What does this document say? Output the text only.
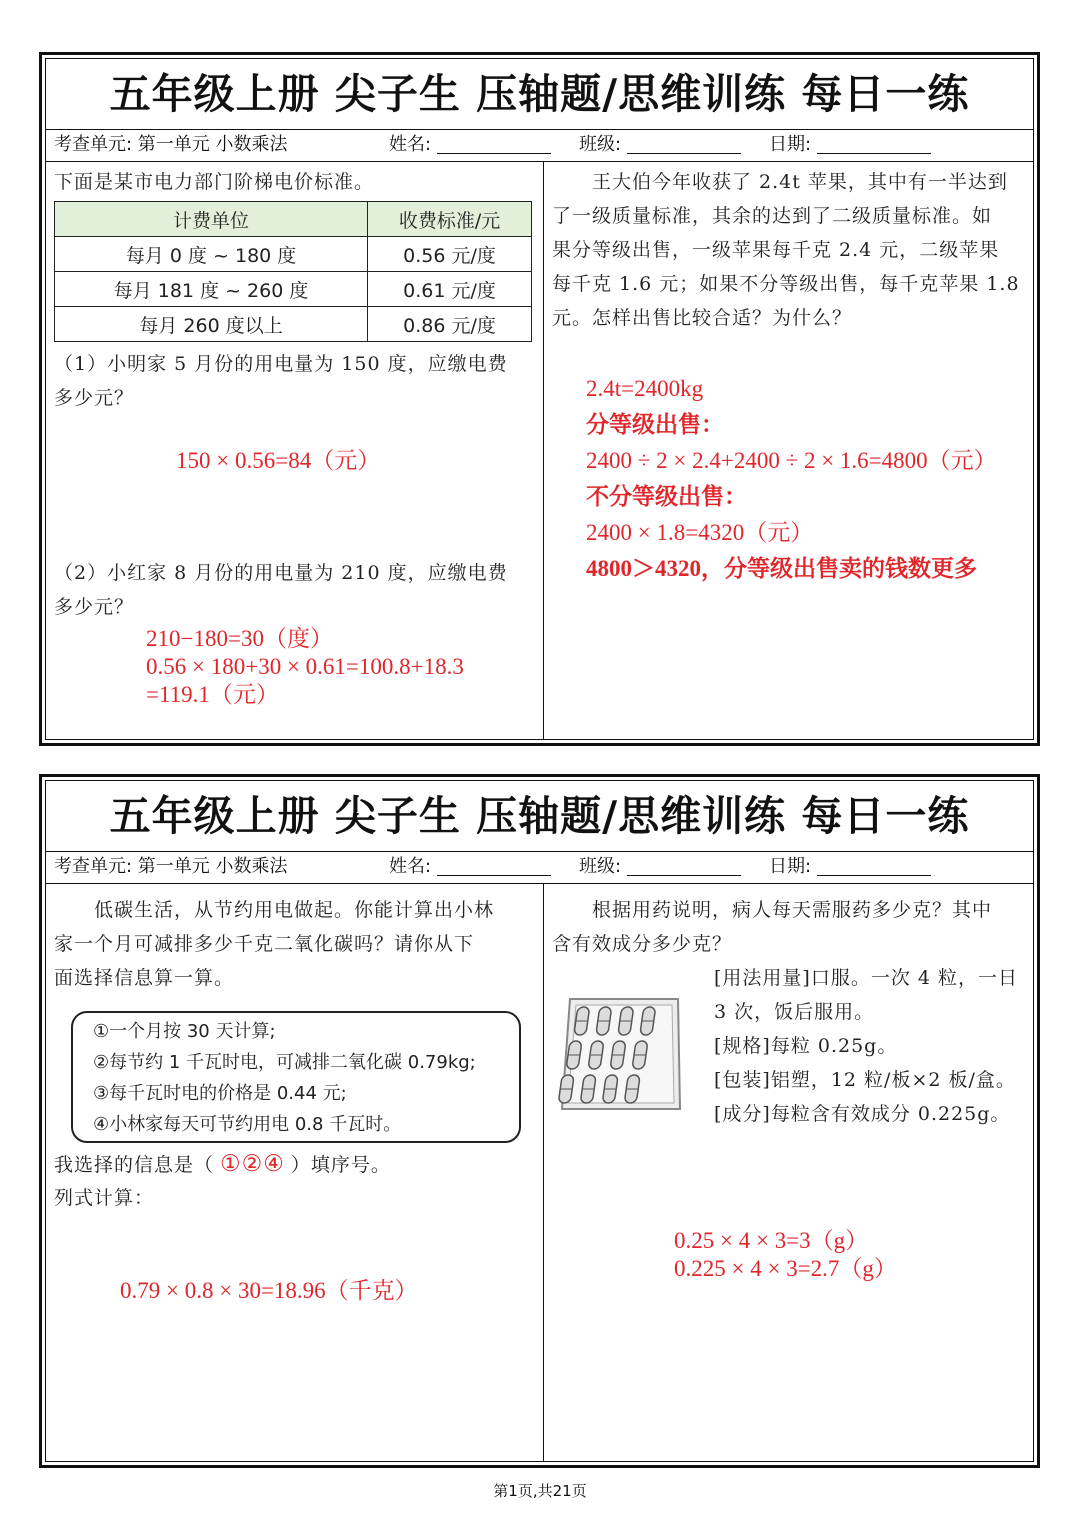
五年级上册 尖子生 压轴题/思维训练 每日一练
考查单元: 第一单元 小数乘法	姓名:	班级:	日期:
下面是某市电力部门阶梯电价标准。
计费单位	收费标准/元
每月 0 度 ~ 180 度	0.56 元/度
每月 181 度 ~ 260 度	0.61 元/度
每月 260 度以上	0.86 元/度
（1）小明家 5 月份的用电量为 150 度，应缴电费
多少元？
150 × 0.56=84（元）
（2）小红家 8 月份的用电量为 210 度，应缴电费
多少元？
210−180=30（度）
0.56 × 180+30 × 0.61=100.8+18.3
=119.1（元）
　　王大伯今年收获了 2.4t 苹果，其中有一半达到
了一级质量标准，其余的达到了二级质量标准。如
果分等级出售，一级苹果每千克 2.4 元，二级苹果
每千克 1.6 元；如果不分等级出售，每千克苹果 1.8
元。怎样出售比较合适？为什么？
2.4t=2400kg
分等级出售：
2400 ÷ 2 × 2.4+2400 ÷ 2 × 1.6=4800（元）
不分等级出售：
2400 × 1.8=4320（元）
4800＞4320，分等级出售卖的钱数更多
五年级上册 尖子生 压轴题/思维训练 每日一练
考查单元: 第一单元 小数乘法	姓名:	班级:	日期:
　　低碳生活，从节约用电做起。你能计算出小林
家一个月可减排多少千克二氧化碳吗？请你从下
面选择信息算一算。
①一个月按 30 天计算;
②每节约 1 千瓦时电，可减排二氧化碳 0.79kg;
③每千瓦时电的价格是 0.44 元;
④小林家每天可节约用电 0.8 千瓦时。
我选择的信息是（ ①②④ ）填序号。
列式计算：
0.79 × 0.8 × 30=18.96（千克）
　　根据用药说明，病人每天需服药多少克？其中
含有效成分多少克？
[用法用量]口服。一次 4 粒，一日
3 次，饭后服用。
[规格]每粒 0.25g。
[包装]铝塑，12 粒/板×2 板/盒。
[成分]每粒含有效成分 0.225g。
0.25 × 4 × 3=3（g）
0.225 × 4 × 3=2.7（g）
第1页,共21页
